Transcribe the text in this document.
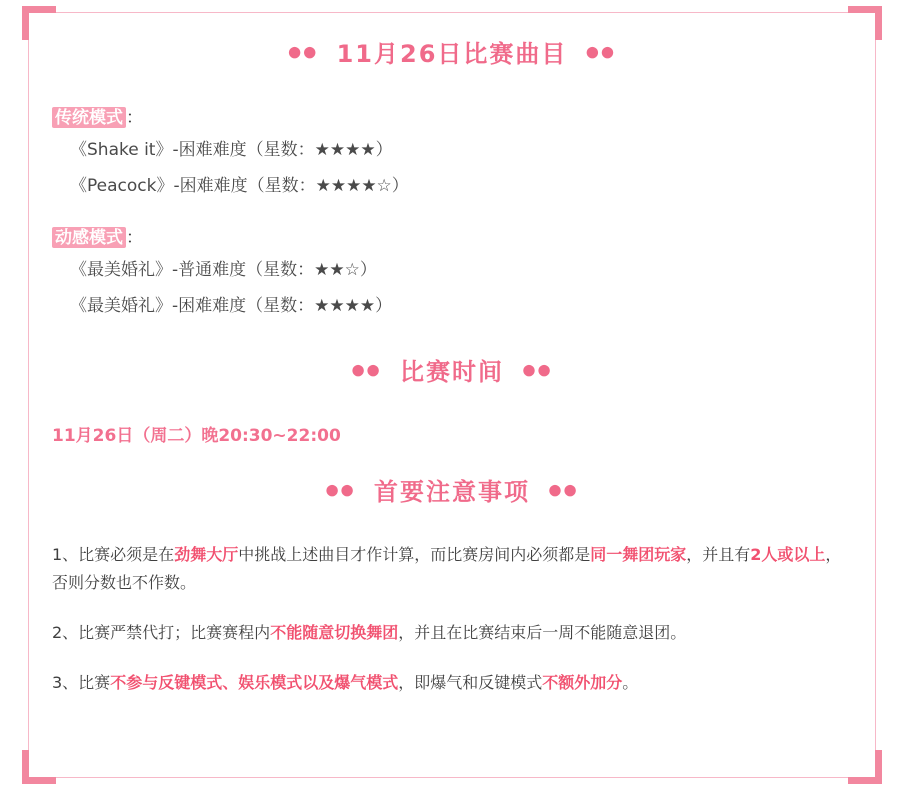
●● 11月26日比赛曲目 ●●

传统模式 ：

《Shake it》-困难难度（星数：★★★★）

《Peacock》-困难难度（星数：★★★★☆）

动感模式 ：

《最美婚礼》-普通难度（星数：★★☆）

《最美婚礼》-困难难度（星数：★★★★）

●● 比赛时间 ●●

11月26日（周二）晚20:30~22:00

●● 首要注意事项 ●●

1、比赛必须是在劲舞大厅中挑战上述曲目才作计算，而比赛房间内必须都是同一舞团玩家，并且有2人或以上，否则分数也不作数。

2、比赛严禁代打；比赛赛程内不能随意切换舞团，并且在比赛结束后一周不能随意退团。

3、比赛不参与反键模式、娱乐模式以及爆气模式，即爆气和反键模式不额外加分。
